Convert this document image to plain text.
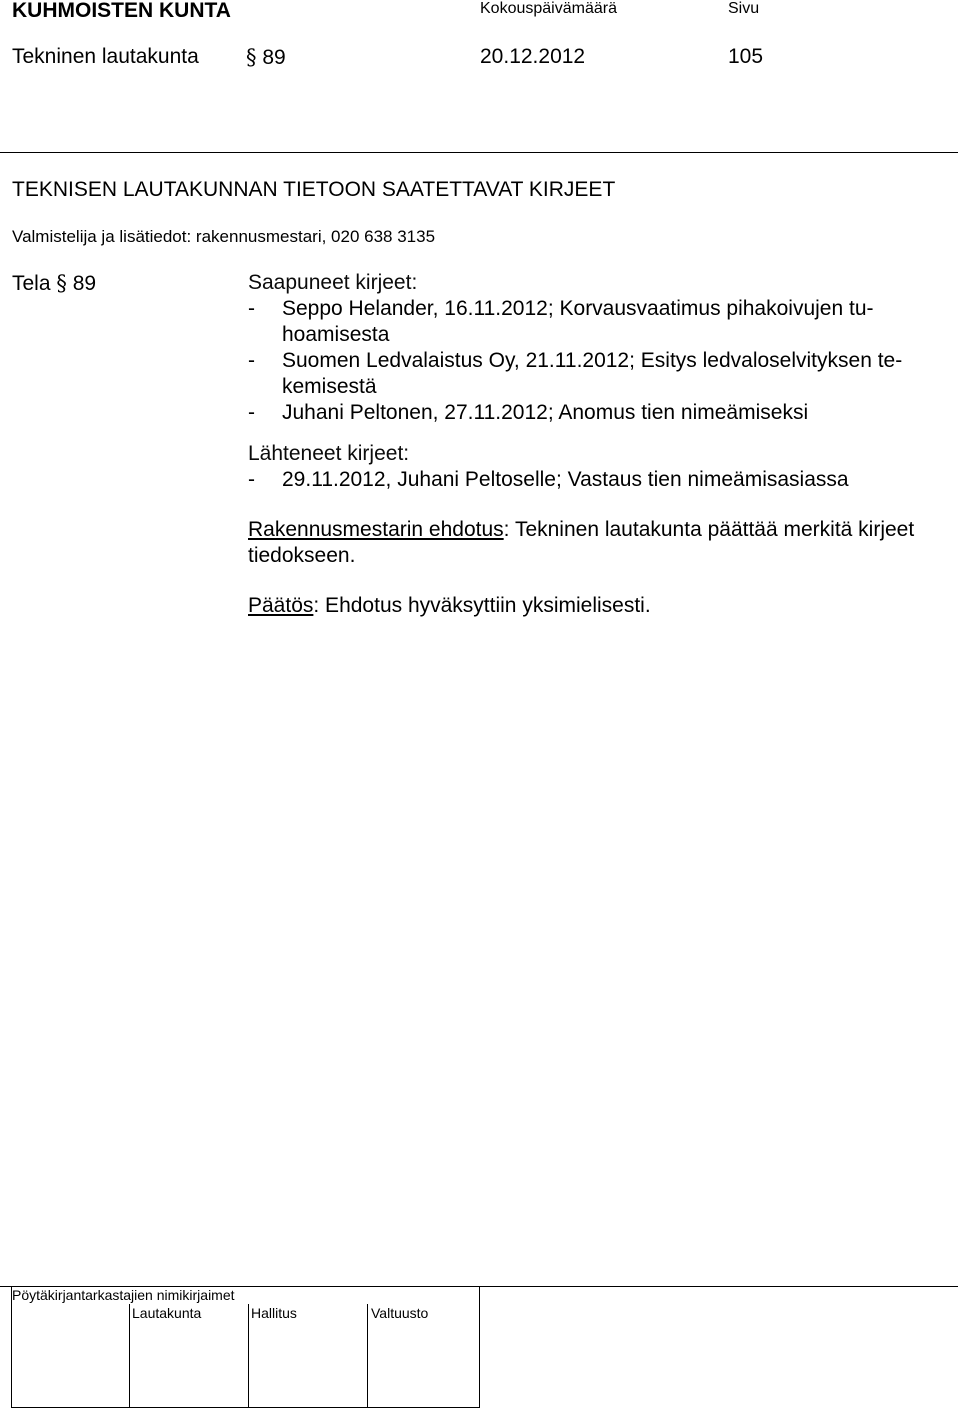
KUHMOISTEN KUNTA	Kokouspäivämäärä	Sivu
Tekninen lautakunta § 89	20.12.2012	105
TEKNISEN LAUTAKUNNAN TIETOON SAATETTAVAT KIRJEET
Valmistelija ja lisätiedot: rakennusmestari, 020 638 3135
Tela § 89	Saapuneet kirjeet:
- Seppo Helander, 16.11.2012; Korvausvaatimus pihakoivujen tu-
hoamisesta
- Suomen Ledvalaistus Oy, 21.11.2012; Esitys ledvaloselvityksen te-
kemisestä
- Juhani Peltonen, 27.11.2012; Anomus tien nimeämiseksi
Lähteneet kirjeet:
- 29.11.2012, Juhani Peltoselle; Vastaus tien nimeämisasiassa
Rakennusmestarin ehdotus: Tekninen lautakunta päättää merkitä kirjeet
tiedokseen.
Päätös: Ehdotus hyväksyttiin yksimielisesti.
Pöytäkirjantarkastajien nimikirjaimet
Lautakunta	Hallitus	Valtuusto
